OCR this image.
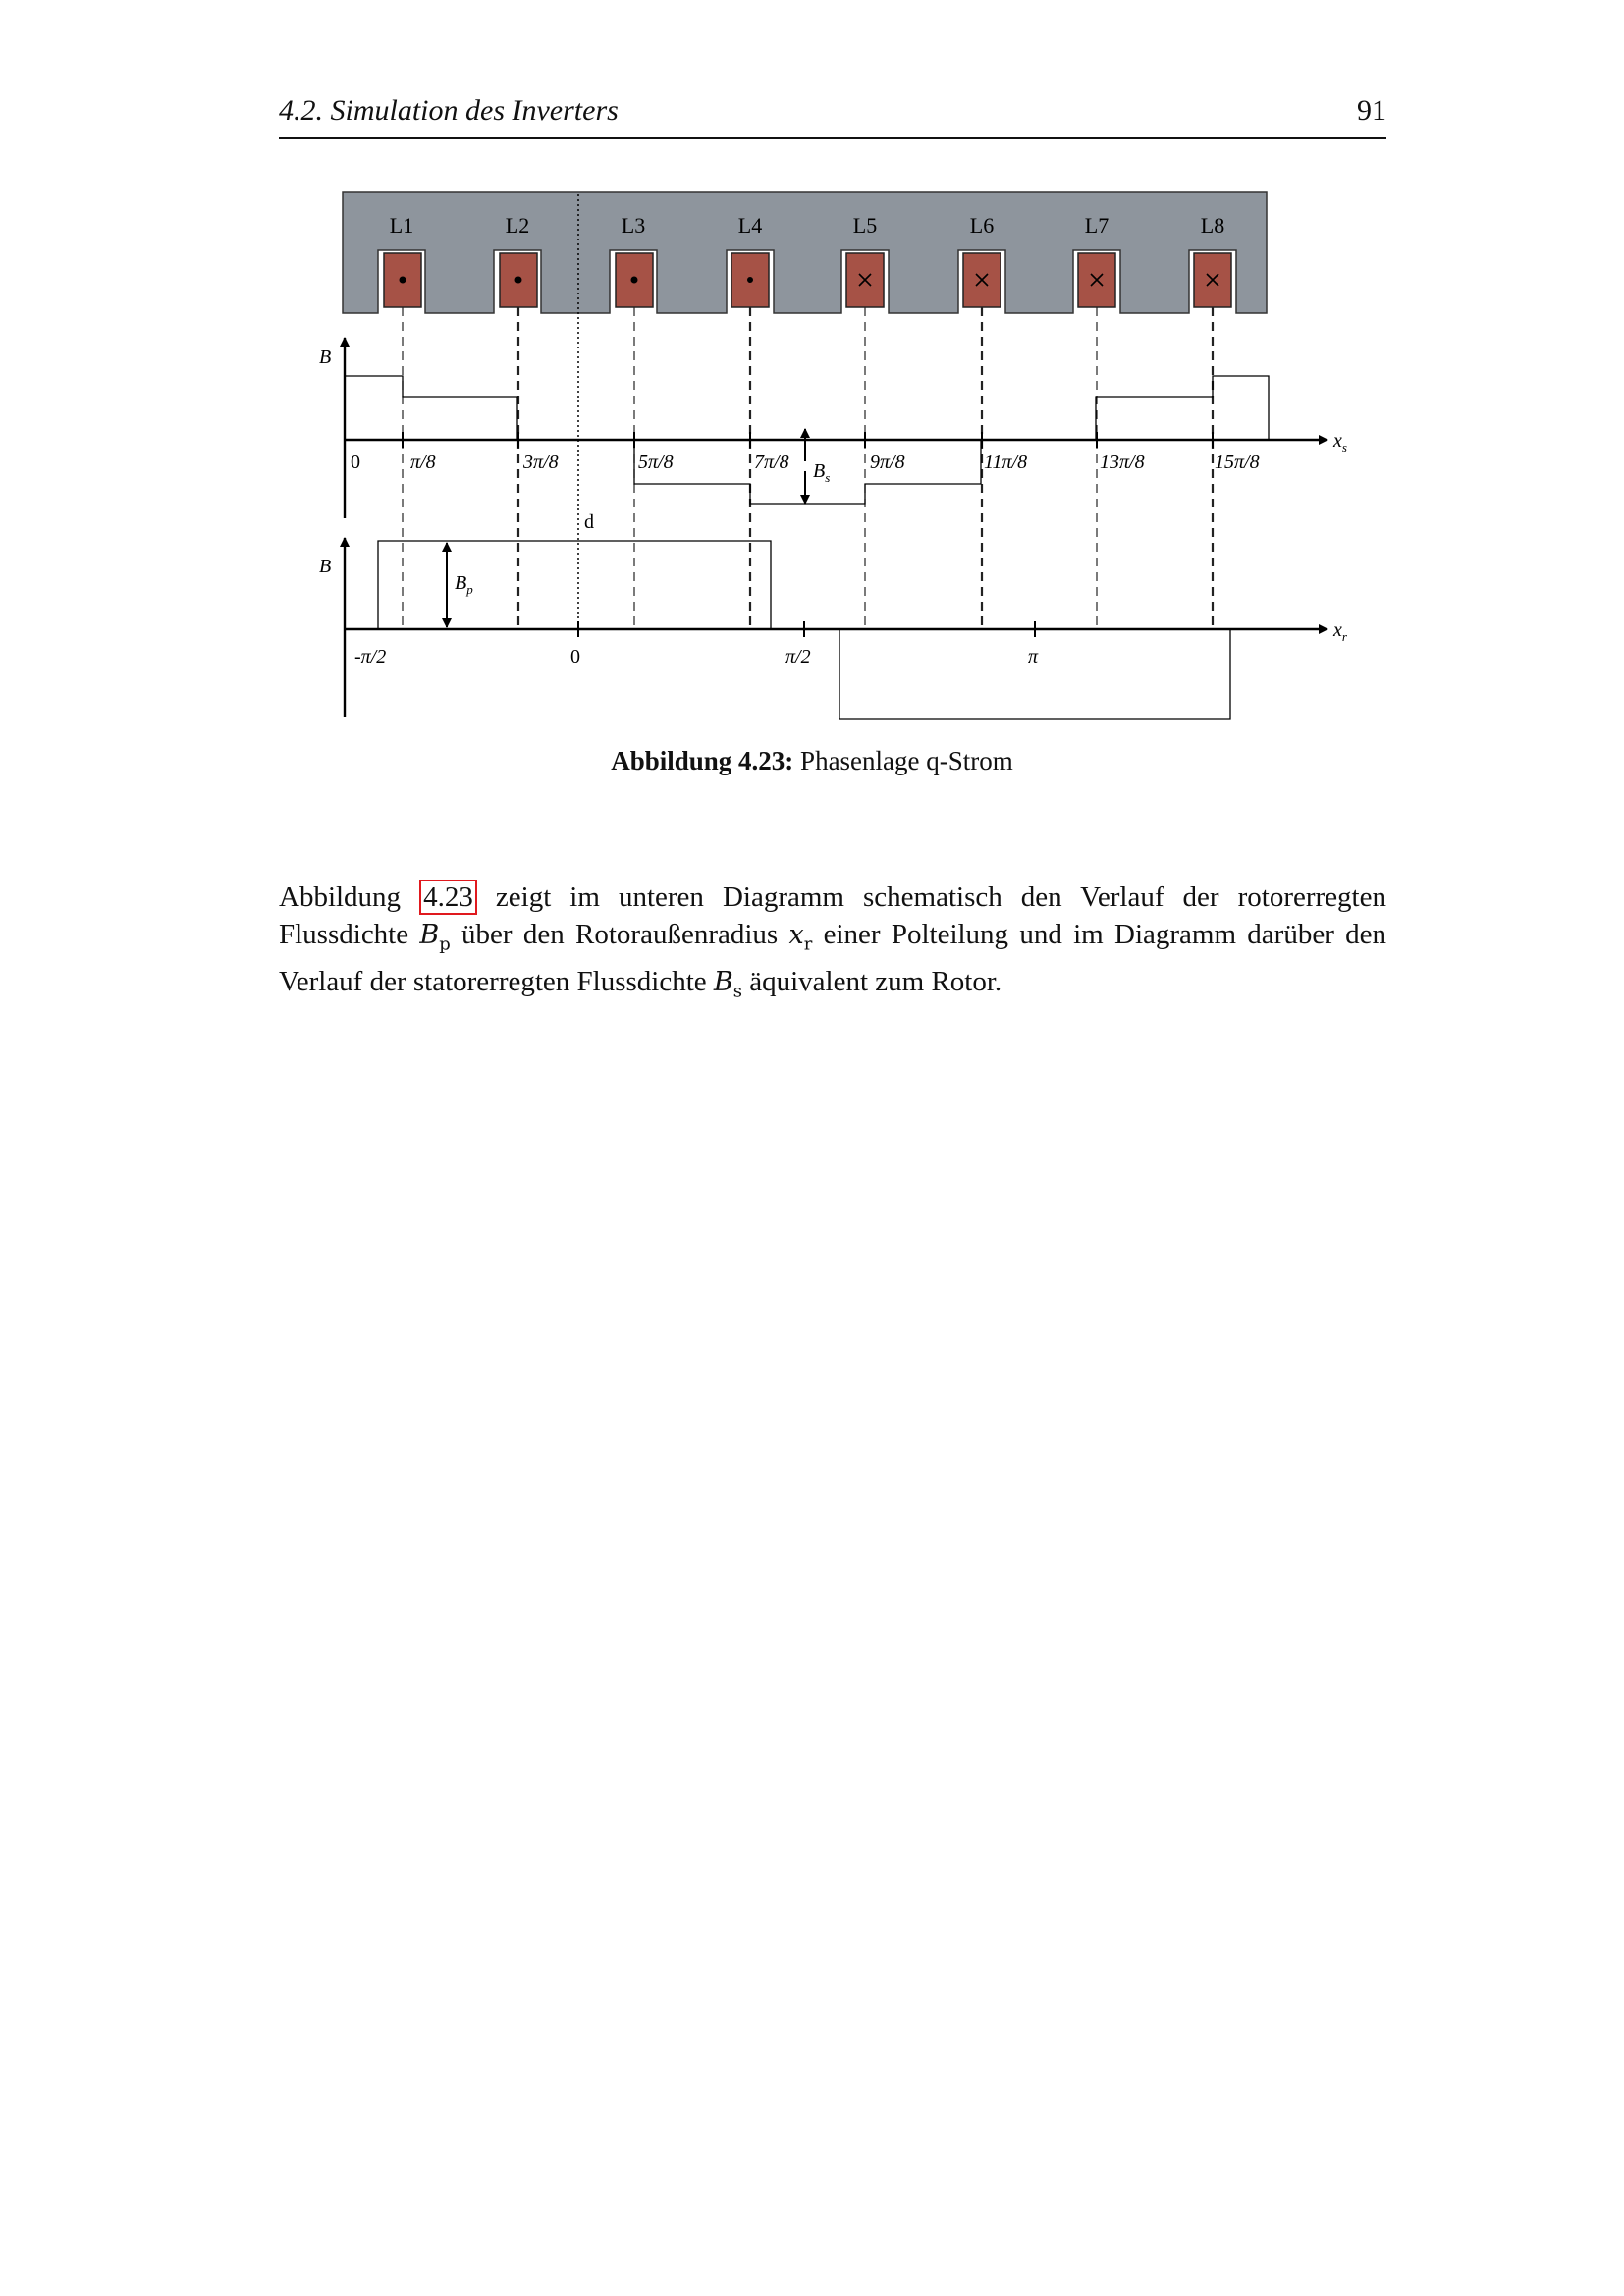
4.2. Simulation des Inverters	91
L1	L2	L3	L4	L5	L6	L7	L8
B
$x_s$
0	π/8	3π/8	5π/8	7π/8	9π/8	11π/8	13π/8	15π/8
$B_s$
d
B
$x_r$
-π/2	0	π/2	π
$B_p$
Abbildung 4.23: Phasenlage q-Strom

Abbildung 4.23 zeigt im unteren Diagramm schematisch den Verlauf der rotorerregten Flussdichte $B_p$ über den Rotoraußenradius $x_r$ einer Polteilung und im Diagramm darüber den Verlauf der statorerregten Flussdichte $B_s$ äquivalent zum Rotor.
